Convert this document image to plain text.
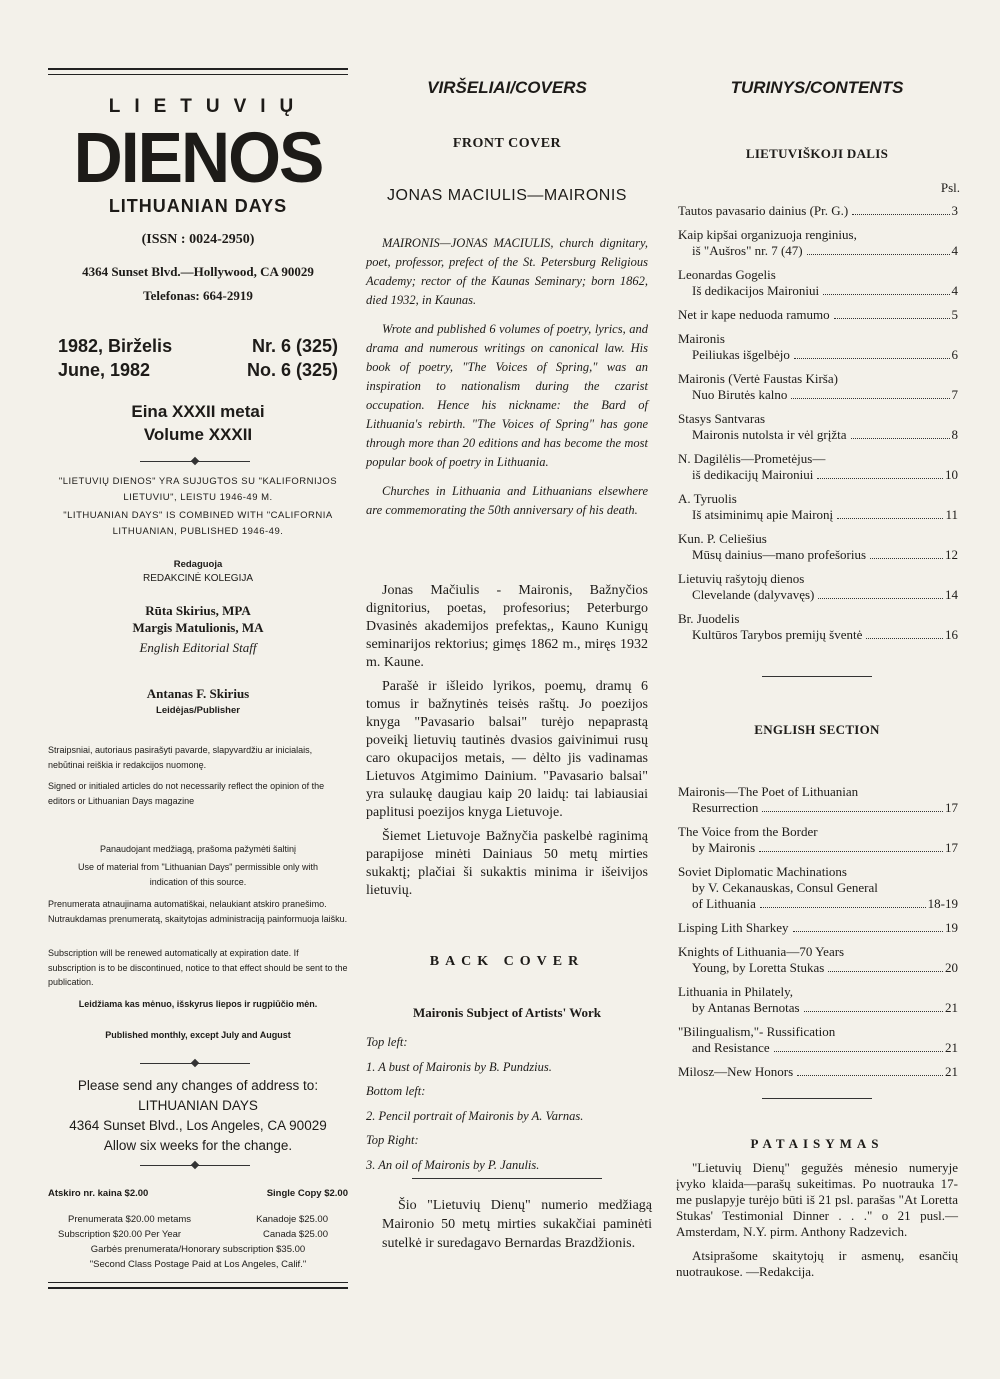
LIETUVIŲ
DIENOS
LITHUANIAN DAYS
(ISSN : 0024-2950)
4364 Sunset Blvd.—Hollywood, CA 90029
Telefonas: 664-2919
1982, Birželis	Nr. 6 (325)
June, 1982	No. 6 (325)
Eina XXXII metai
Volume XXXII
"LIETUVIŲ DIENOS" YRA SUJUGTOS SU "KALIFORNIJOS LIETUVIU", LEISTU 1946-49 M.
"LITHUANIAN DAYS" IS COMBINED WITH "CALIFORNIA LITHUANIAN, PUBLISHED 1946-49.
Redaguoja
REDAKCINĖ KOLEGIJA
Rūta Skirius, MPA
Margis Matulionis, MA
English Editorial Staff
Antanas F. Skirius
Leidėjas/Publisher
Straipsniai, autoriaus pasirašyti pavarde, slapyvardžiu ar inicialais, nebūtinai reiškia ir redakcijos nuomonę.
Signed or initialed articles do not necessarily reflect the opinion of the editors or Lithuanian Days magazine
Panaudojant medžiagą, prašoma pažymėti šaltinį
Use of material from "Lithuanian Days" permissible only with indication of this source.
Prenumerata atnaujinama automatiškai, nelaukiant atskiro pranešimo. Nutraukdamas prenumeratą, skaitytojas administraciją painformuoja laišku.
Subscription will be renewed automatically at expiration date. If subscription is to be discontinued, notice to that effect should be sent to the publication.
Leidžiama kas mėnuo, išskyrus liepos ir rugpiūčio mėn.
Published monthly, except July and August
Please send any changes of address to:
LITHUANIAN DAYS
4364 Sunset Blvd., Los Angeles, CA 90029
Allow six weeks for the change.
Atskiro nr. kaina $2.00	Single Copy $2.00
Prenumerata $20.00 metams	Kanadoje $25.00
Subscription $20.00 Per Year	Canada $25.00
Garbės prenumerata/Honorary subscription $35.00
"Second Class Postage Paid at Los Angeles, Calif."
VIRŠELIAI/COVERS
FRONT COVER
JONAS MACIULIS—MAIRONIS

MAIRONIS—JONAS MACIULIS, church dignitary, poet, professor, prefect of the St. Petersburg Religious Academy; rector of the Kaunas Seminary; born 1862, died 1932, in Kaunas.

Wrote and published 6 volumes of poetry, lyrics, and drama and numerous writings on canonical law. His book of poetry, "The Voices of Spring," was an inspiration to nationalism during the czarist occupation. Hence his nickname: the Bard of Lithuania's rebirth. "The Voices of Spring" has gone through more than 20 editions and has become the most popular book of poetry in Lithuania.

Churches in Lithuania and Lithuanians elsewhere are commemorating the 50th anniversary of his death.

Jonas Mačiulis - Maironis, Bažnyčios dignitorius, poetas, profesorius; Peterburgo Dvasinės akademijos prefektas,, Kauno Kunigų seminarijos rektorius; gimęs 1862 m., miręs 1932 m. Kaune.

Parašė ir išleido lyrikos, poemų, dramų 6 tomus ir bažnytinės teisės raštų. Jo poezijos knyga "Pavasario balsai" turėjo nepaprastą poveikį lietuvių tautinės dvasios gaivinimui rusų caro okupacijos metais, — dėlto jis vadinamas Lietuvos Atgimimo Dainium. "Pavasario balsai" yra sulaukę daugiau kaip 20 laidų: tai labiausiai paplitusi poezijos knyga Lietuvoje.

Šiemet Lietuvoje Bažnyčia paskelbė raginimą parapijose minėti Dainiaus 50 metų mirties sukaktį; plačiai ši sukaktis minima ir išeivijos lietuvių.

BACK COVER
Maironis Subject of Artists' Work
Top left:
1. A bust of Maironis by B. Pundzius.
Bottom left:
2. Pencil portrait of Maironis by A. Varnas.
Top Right:
3. An oil of Maironis by P. Janulis.
Šio "Lietuvių Dienų" numerio medžiagą Maironio 50 metų mirties sukakčiai paminėti sutelkė ir suredagavo Bernardas Brazdžionis.
TURINYS/CONTENTS
LIETUVIŠKOJI DALIS
Psl.
Tautos pavasario dainius (Pr. G.)	3
Kaip kipšai organizuoja renginius,
iš "Aušros" nr. 7 (47)	4
Leonardas Gogelis
Iš dedikacijos Maironiui	4
Net ir kape neduoda ramumo	5
Maironis
Peiliukas išgelbėjo	6
Maironis (Vertė Faustas Kirša)
Nuo Birutės kalno	7
Stasys Santvaras
Maironis nutolsta ir vėl grįžta	8
N. Dagilėlis—Prometėjus—
iš dedikacijų Maironiui	10
A. Tyruolis
Iš atsiminimų apie Maironį	11
Kun. P. Celiešius
Mūsų dainius—mano profešorius	12
Lietuvių rašytojų dienos
Clevelande (dalyvavęs)	14
Br. Juodelis
Kultūros Tarybos premijų šventė	16
ENGLISH SECTION
Maironis—The Poet of Lithuanian
Resurrection	17
The Voice from the Border
by Maironis	17
Soviet Diplomatic Machinations
by V. Cekanauskas, Consul General
of Lithuania	18-19
Lisping Lith Sharkey	19
Knights of Lithuania—70 Years
Young, by Loretta Stukas	20
Lithuania in Philately,
by Antanas Bernotas	21
"Bilingualism,"- Russification
and Resistance	21
Milosz—New Honors	21
PATAISYMAS

"Lietuvių Dienų" gegužės mėnesio numeryje įvyko klaida—parašų sukeitimas. Po nuotrauka 17-me puslapyje turėjo būti iš 21 psl. parašas "At Loretta Stukas' Testimonial Dinner . . ." o 21 pusl.—Amsterdam, N.Y. pirm. Anthony Radzevich.

Atsiprašome skaitytojų ir asmenų, esančių nuotraukose. —Redakcija.
